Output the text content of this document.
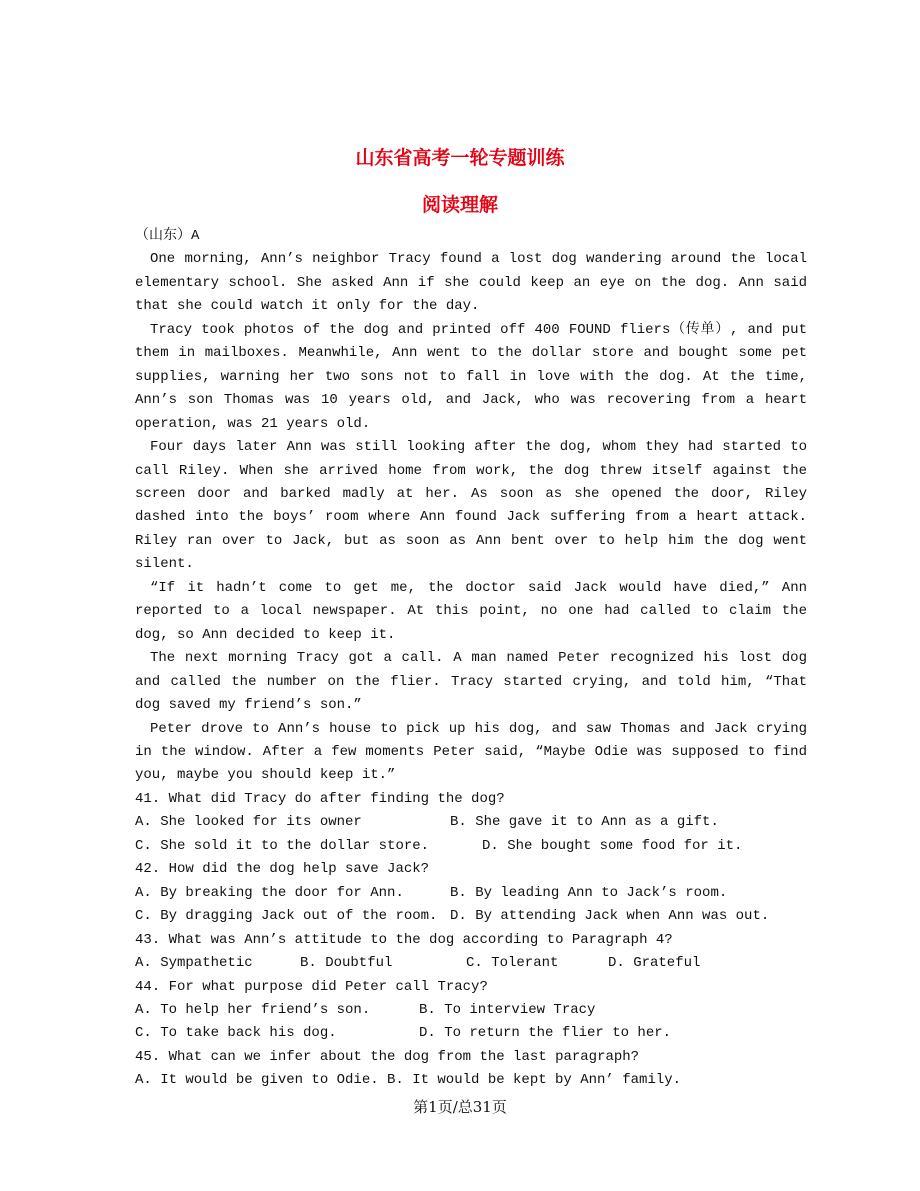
山东省高考一轮专题训练
阅读理解
（山东）A

One morning, Ann’s neighbor Tracy found a lost dog wandering around the local elementary school. She asked Ann if she could keep an eye on the dog. Ann said that she could watch it only for the day.

Tracy took photos of the dog and printed off 400 FOUND fliers（传单）, and put them in mailboxes. Meanwhile, Ann went to the dollar store and bought some pet supplies, warning her two sons not to fall in love with the dog. At the time, Ann’s son Thomas was 10 years old, and Jack, who was recovering from a heart operation, was 21 years old.

Four days later Ann was still looking after the dog, whom they had started to call Riley. When she arrived home from work, the dog threw itself against the screen door and barked madly at her. As soon as she opened the door, Riley dashed into the boys’ room where Ann found Jack suffering from a heart attack. Riley ran over to Jack, but as soon as Ann bent over to help him the dog went silent.

“If it hadn’t come to get me, the doctor said Jack would have died,” Ann reported to a local newspaper. At this point, no one had called to claim the dog, so Ann decided to keep it.

The next morning Tracy got a call. A man named Peter recognized his lost dog and called the number on the flier. Tracy started crying, and told him, “That dog saved my friend’s son.”

Peter drove to Ann’s house to pick up his dog, and saw Thomas and Jack crying in the window. After a few moments Peter said, “Maybe Odie was supposed to find you, maybe you should keep it.”

41. What did Tracy do after finding the dog?
A. She looked for its owner	B. She gave it to Ann as a gift.
C. She sold it to the dollar store.	D. She bought some food for it.
42. How did the dog help save Jack?
A. By breaking the door for Ann.	B. By leading Ann to Jack’s room.
C. By dragging Jack out of the room. D. By attending Jack when Ann was out.
43. What was Ann’s attitude to the dog according to Paragraph 4?
A. Sympathetic	B. Doubtful	C. Tolerant	D. Grateful
44. For what purpose did Peter call Tracy?
A. To help her friend’s son.	B. To interview Tracy
C. To take back his dog.	D. To return the flier to her.
45. What can we infer about the dog from the last paragraph?
A. It would be given to Odie. B. It would be kept by Ann’ family.
第1页/总31页
